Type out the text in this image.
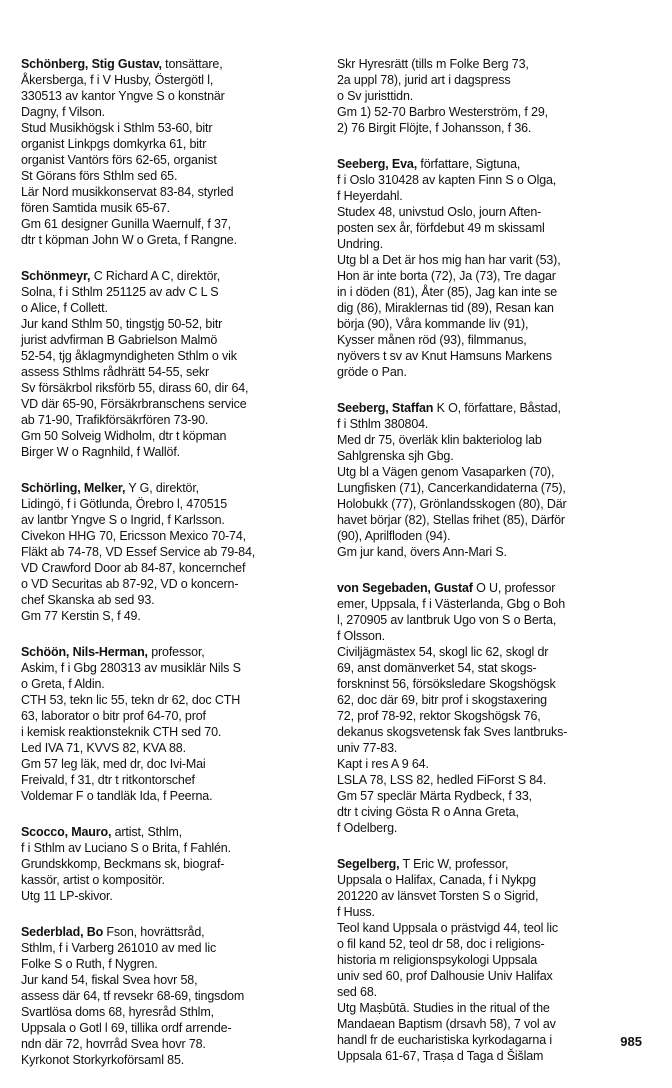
Schönberg, Stig Gustav, tonsättare,
Åkersberga, f i V Husby, Östergötl l,
330513 av kantor Yngve S o konstnär
Dagny, f Vilson.
Stud Musikhögsk i Sthlm 53-60, bitr
organist Linkpgs domkyrka 61, bitr
organist Vantörs förs 62-65, organist
St Görans förs Sthlm sed 65.
Lär Nord musikkonservat 83-84, styrled
fören Samtida musik 65-67.
Gm 61 designer Gunilla Waernulf, f 37,
dtr t köpman John W o Greta, f Rangne.
Schönmeyr, C Richard A C, direktör,
Solna, f i Sthlm 251125 av adv C L S
o Alice, f Collett.
Jur kand Sthlm 50, tingstjg 50-52, bitr
jurist advfirman B Gabrielson Malmö
52-54, tjg åklagmyndigheten Sthlm o vik
assess Sthlms rådhrätt 54-55, sekr
Sv försäkrbol riksförb 55, dirass 60, dir 64,
VD där 65-90, Försäkrbranschens service
ab 71-90, Trafikförsäkrfören 73-90.
Gm 50 Solveig Widholm, dtr t köpman
Birger W o Ragnhild, f Wallöf.
Schörling, Melker, Y G, direktör,
Lidingö, f i Götlunda, Örebro l, 470515
av lantbr Yngve S o Ingrid, f Karlsson.
Civekon HHG 70, Ericsson Mexico 70-74,
Fläkt ab 74-78, VD Essef Service ab 79-84,
VD Crawford Door ab 84-87, koncernchef
o VD Securitas ab 87-92, VD o koncern-
chef Skanska ab sed 93.
Gm 77 Kerstin S, f 49.
Schöön, Nils-Herman, professor,
Askim, f i Gbg 280313 av musiklär Nils S
o Greta, f Aldin.
CTH 53, tekn lic 55, tekn dr 62, doc CTH
63, laborator o bitr prof 64-70, prof
i kemisk reaktionsteknik CTH sed 70.
Led IVA 71, KVVS 82, KVA 88.
Gm 57 leg läk, med dr, doc Ivi-Mai
Freivald, f 31, dtr t ritkontorschef
Voldemar F o tandläk Ida, f Peerna.
Scocco, Mauro, artist, Sthlm,
f i Sthlm av Luciano S o Brita, f Fahlén.
Grundskkomp, Beckmans sk, biograf-
kassör, artist o kompositör.
Utg 11 LP-skivor.
Sederblad, Bo Fson, hovrättsråd,
Sthlm, f i Varberg 261010 av med lic
Folke S o Ruth, f Nygren.
Jur kand 54, fiskal Svea hovr 58,
assess där 64, tf revsekr 68-69, tingsdom
Svartlösa doms 68, hyresråd Sthlm,
Uppsala o Gotl l 69, tillika ordf arrende-
ndn där 72, hovrråd Svea hovr 78.
Kyrkonot Storkyrkoförsaml 85.
Skr Hyresrätt (tills m Folke Berg 73,
2a uppl 78), jurid art i dagspress
o Sv juristtidn.
Gm 1) 52-70 Barbro Westerström, f 29,
2) 76 Birgit Flöjte, f Johansson, f 36.
Seeberg, Eva, författare, Sigtuna,
f i Oslo 310428 av kapten Finn S o Olga,
f Heyerdahl.
Studex 48, univstud Oslo, journ Aften-
posten sex år, förfdebut 49 m skissaml
Undring.
Utg bl a Det är hos mig han har varit (53),
Hon är inte borta (72), Ja (73), Tre dagar
in i döden (81), Åter (85), Jag kan inte se
dig (86), Miraklernas tid (89), Resan kan
börja (90), Våra kommande liv (91),
Kysser månen röd (93), filmmanus,
nyövers t sv av Knut Hamsuns Markens
gröde o Pan.
Seeberg, Staffan K O, författare, Båstad,
f i Sthlm 380804.
Med dr 75, överläk klin bakteriolog lab
Sahlgrenska sjh Gbg.
Utg bl a Vägen genom Vasaparken (70),
Lungfisken (71), Cancerkandidaterna (75),
Holobukk (77), Grönlandsskogen (80), Där
havet börjar (82), Stellas frihet (85), Därför
(90), Aprilfloden (94).
Gm jur kand, övers Ann-Mari S.
von Segebaden, Gustaf O U, professor
emer, Uppsala, f i Västerlanda, Gbg o Boh
l, 270905 av lantbruk Ugo von S o Berta,
f Olsson.
Civiljägmästex 54, skogl lic 62, skogl dr
69, anst domänverket 54, stat skogs-
forskninst 56, försöksledare Skogshögsk
62, doc där 69, bitr prof i skogstaxering
72, prof 78-92, rektor Skogshögsk 76,
dekanus skogsvetensk fak Sves lantbruks-
univ 77-83.
Kapt i res A 9 64.
LSLA 78, LSS 82, hedled FiForst S 84.
Gm 57 speclär Märta Rydbeck, f 33,
dtr t civing Gösta R o Anna Greta,
f Odelberg.
Segelberg, T Eric W, professor,
Uppsala o Halifax, Canada, f i Nykpg
201220 av länsvet Torsten S o Sigrid,
f Huss.
Teol kand Uppsala o prästvigd 44, teol lic
o fil kand 52, teol dr 58, doc i religions-
historia m religionspsykologi Uppsala
univ sed 60, prof Dalhousie Univ Halifax
sed 68.
Utg Maṣbūtā. Studies in the ritual of the
Mandaean Baptism (drsavh 58), 7 vol av
handl fr de eucharistiska kyrkodagarna i
Uppsala 61-67, Traṣa d Taga d Šišlam
985
